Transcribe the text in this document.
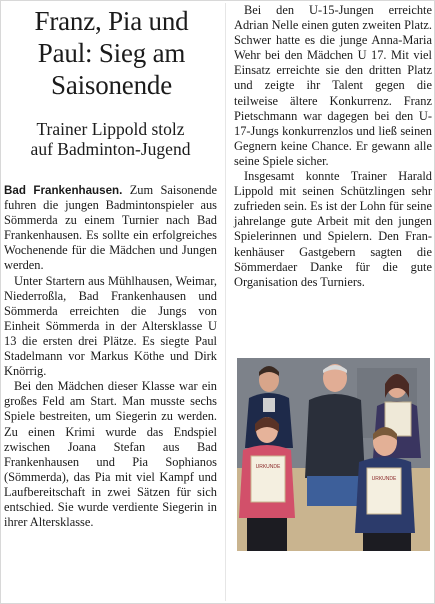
Franz, Pia und
Paul: Sieg am
Saisonende
Trainer Lippold stolz
auf Badminton-Jugend

Bad Frankenhausen. Zum Saisonende fuhren die jungen Badmintonspieler aus Sömmerda zu einem Turnier nach Bad Frankenhausen. Es sollte ein erfolgreiches Wochenende für die Mädchen und Jungen werden.

Unter Startern aus Mühlhausen, Weimar, Niederroßla, Bad Frankenhausen und Sömmerda erreichten die Jungs von Einheit Sömmerda in der Altersklasse U 13 die ersten drei Plätze. Es siegte Paul Stadelmann vor Markus Köthe und Dirk Knörrig.

Bei den Mädchen dieser Klasse war ein großes Feld am Start. Man musste sechs Spiele bestreiten, um Siegerin zu werden. Zu einen Krimi wurde das Endspiel zwischen Joana Stefan aus Bad Frankenhausen und Pia Sophianos (Sömmerda), das Pia mit viel Kampf und Laufbereitschaft in zwei Sätzen für sich entschied. Sie wurde verdiente Siegerin in ihrer Altersklasse.

Bei den U-15-Jungen erreichte Adrian Nelle einen guten zweiten Platz. Schwer hatte es die junge Anna-Maria Wehr bei den Mädchen U 17. Mit viel Einsatz erreichte sie den dritten Platz und zeigte ihr Talent gegen die teilweise ältere Konkurrenz. Franz Pietschmann war dagegen bei den U-17-Jungs konkurrenzlos und ließ seinen Gegnern keine Chance. Er gewann alle seine Spiele sicher.

Insgesamt konnte Trainer Harald Lippold mit seinen Schützlingen sehr zufrieden sein. Es ist der Lohn für seine jahrelange gute Arbeit mit den jungen Spielerinnen und Spielern. Den Frankenhäuser Gastgebern sagten die Sömmerdaer Danke für die gute Organisation des Turniers.

URKUNDE
URKUNDE
